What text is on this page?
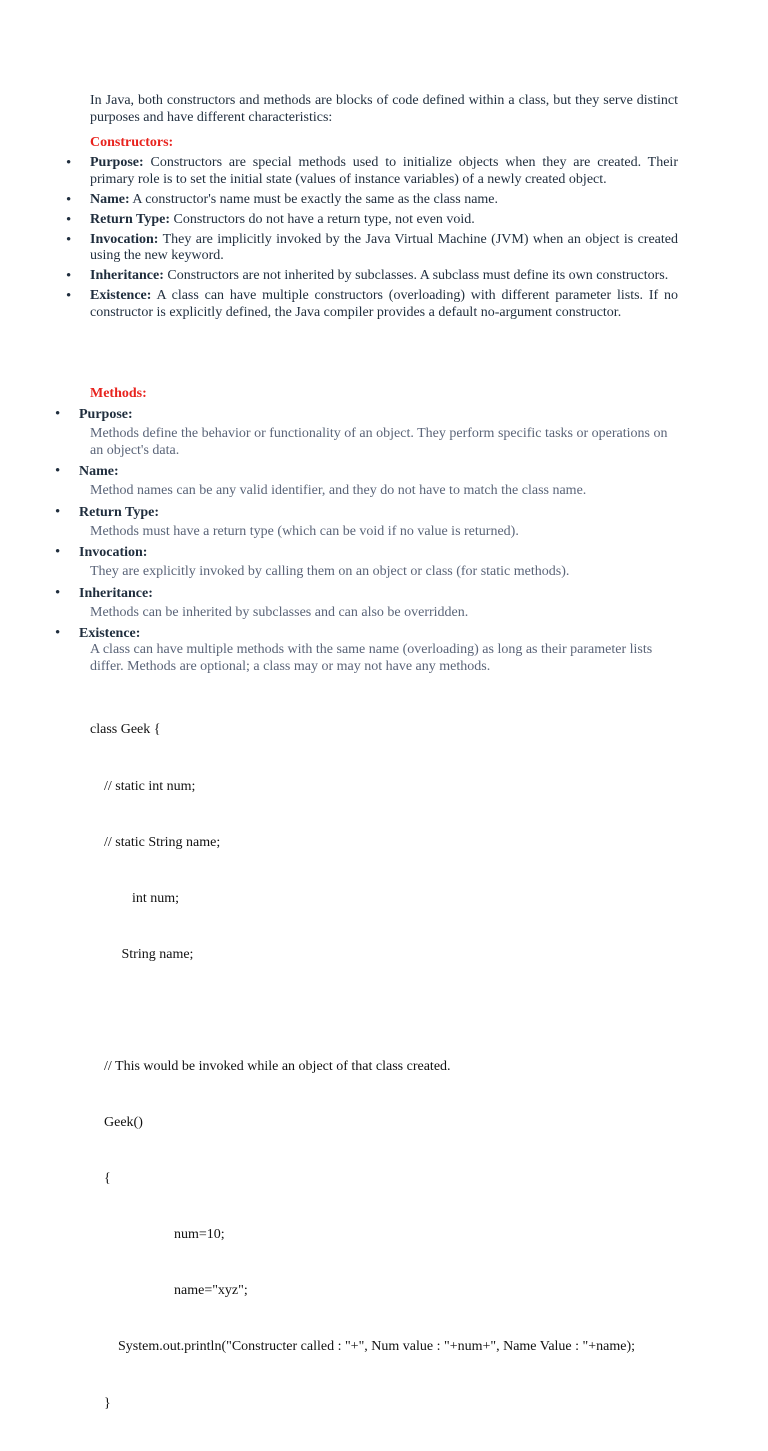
In Java, both constructors and methods are blocks of code defined within a class, but they serve distinct purposes and have different characteristics:

Constructors:

• Purpose: Constructors are special methods used to initialize objects when they are created. Their primary role is to set the initial state (values of instance variables) of a newly created object.
• Name: A constructor's name must be exactly the same as the class name.
• Return Type: Constructors do not have a return type, not even void.
• Invocation: They are implicitly invoked by the Java Virtual Machine (JVM) when an object is created using the new keyword.
• Inheritance: Constructors are not inherited by subclasses. A subclass must define its own constructors.
• Existence: A class can have multiple constructors (overloading) with different parameter lists. If no constructor is explicitly defined, the Java compiler provides a default no-argument constructor.

Methods:

• Purpose:
Methods define the behavior or functionality of an object. They perform specific tasks or operations on an object's data.
• Name:
Method names can be any valid identifier, and they do not have to match the class name.
• Return Type:
Methods must have a return type (which can be void if no value is returned).
• Invocation:
They are explicitly invoked by calling them on an object or class (for static methods).
• Inheritance:
Methods can be inherited by subclasses and can also be overridden.
• Existence:
A class can have multiple methods with the same name (overloading) as long as their parameter lists differ. Methods are optional; a class may or may not have any methods.

class Geek {

// static int num;

// static String name;

int num;

String name;

// This would be invoked while an object of that class created.

Geek()

{

num=10;

name="xyz";

System.out.println("Constructer called : "+", Num value : "+num+", Name Value : "+name);

}
